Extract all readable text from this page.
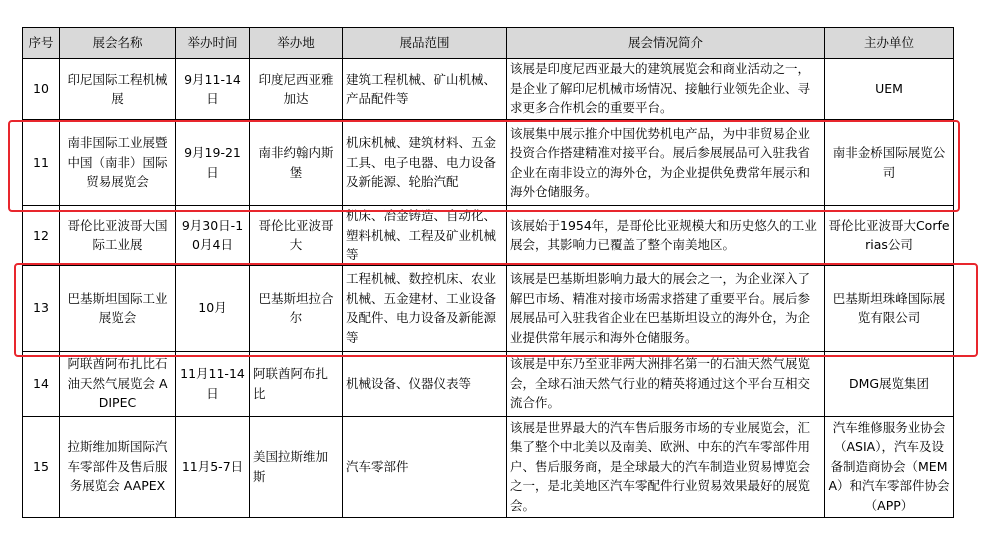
序号	展会名称	举办时间	举办地	展品范围	展会情况简介	主办单位
10	印尼国际工程机械展	9月11-14日	印度尼西亚雅加达	建筑工程机械、矿山机械、产品配件等	该展是印度尼西亚最大的建筑展览会和商业活动之一，是企业了解印尼机械市场情况、接触行业领先企业、寻求更多合作机会的重要平台。	UEM
11	南非国际工业展暨中国（南非）国际贸易展览会	9月19-21日	南非约翰内斯堡	机床机械、建筑材料、五金工具、电子电器、电力设备及新能源、轮胎汽配	该展集中展示推介中国优势机电产品，为中非贸易企业投资合作搭建精准对接平台。展后参展展品可入驻我省企业在南非设立的海外仓，为企业提供免费常年展示和海外仓储服务。	南非金桥国际展览公司
12	哥伦比亚波哥大国际工业展	9月30日-10月4日	哥伦比亚波哥大	机床、冶金铸造、自动化、塑料机械、工程及矿业机械等	该展始于1954年，是哥伦比亚规模大和历史悠久的工业展会，其影响力已覆盖了整个南美地区。	哥伦比亚波哥大Corferias公司
13	巴基斯坦国际工业展览会	10月	巴基斯坦拉合尔	工程机械、数控机床、农业机械、五金建材、工业设备及配件、电力设备及新能源等	该展是巴基斯坦影响力最大的展会之一，为企业深入了解巴市场、精准对接市场需求搭建了重要平台。展后参展展品可入驻我省企业在巴基斯坦设立的海外仓，为企业提供常年展示和海外仓储服务。	巴基斯坦珠峰国际展览有限公司
14	阿联酋阿布扎比石油天然气展览会 ADIPEC	11月11-14日	阿联酋阿布扎比	机械设备、仪器仪表等	该展是中东乃至亚非两大洲排名第一的石油天然气展览会，全球石油天然气行业的精英将通过这个平台互相交流合作。	DMG展览集团
15	拉斯维加斯国际汽车零部件及售后服务展览会 AAPEX	11月5-7日	美国拉斯维加斯	汽车零部件	该展是世界最大的汽车售后服务市场的专业展览会，汇集了整个中北美以及南美、欧洲、中东的汽车零部件用户、售后服务商，是全球最大的汽车制造业贸易博览会之一，是北美地区汽车零配件行业贸易效果最好的展览会。	汽车维修服务业协会（ASIA），汽车及设备制造商协会（MEMA）和汽车零部件协会（APP）
